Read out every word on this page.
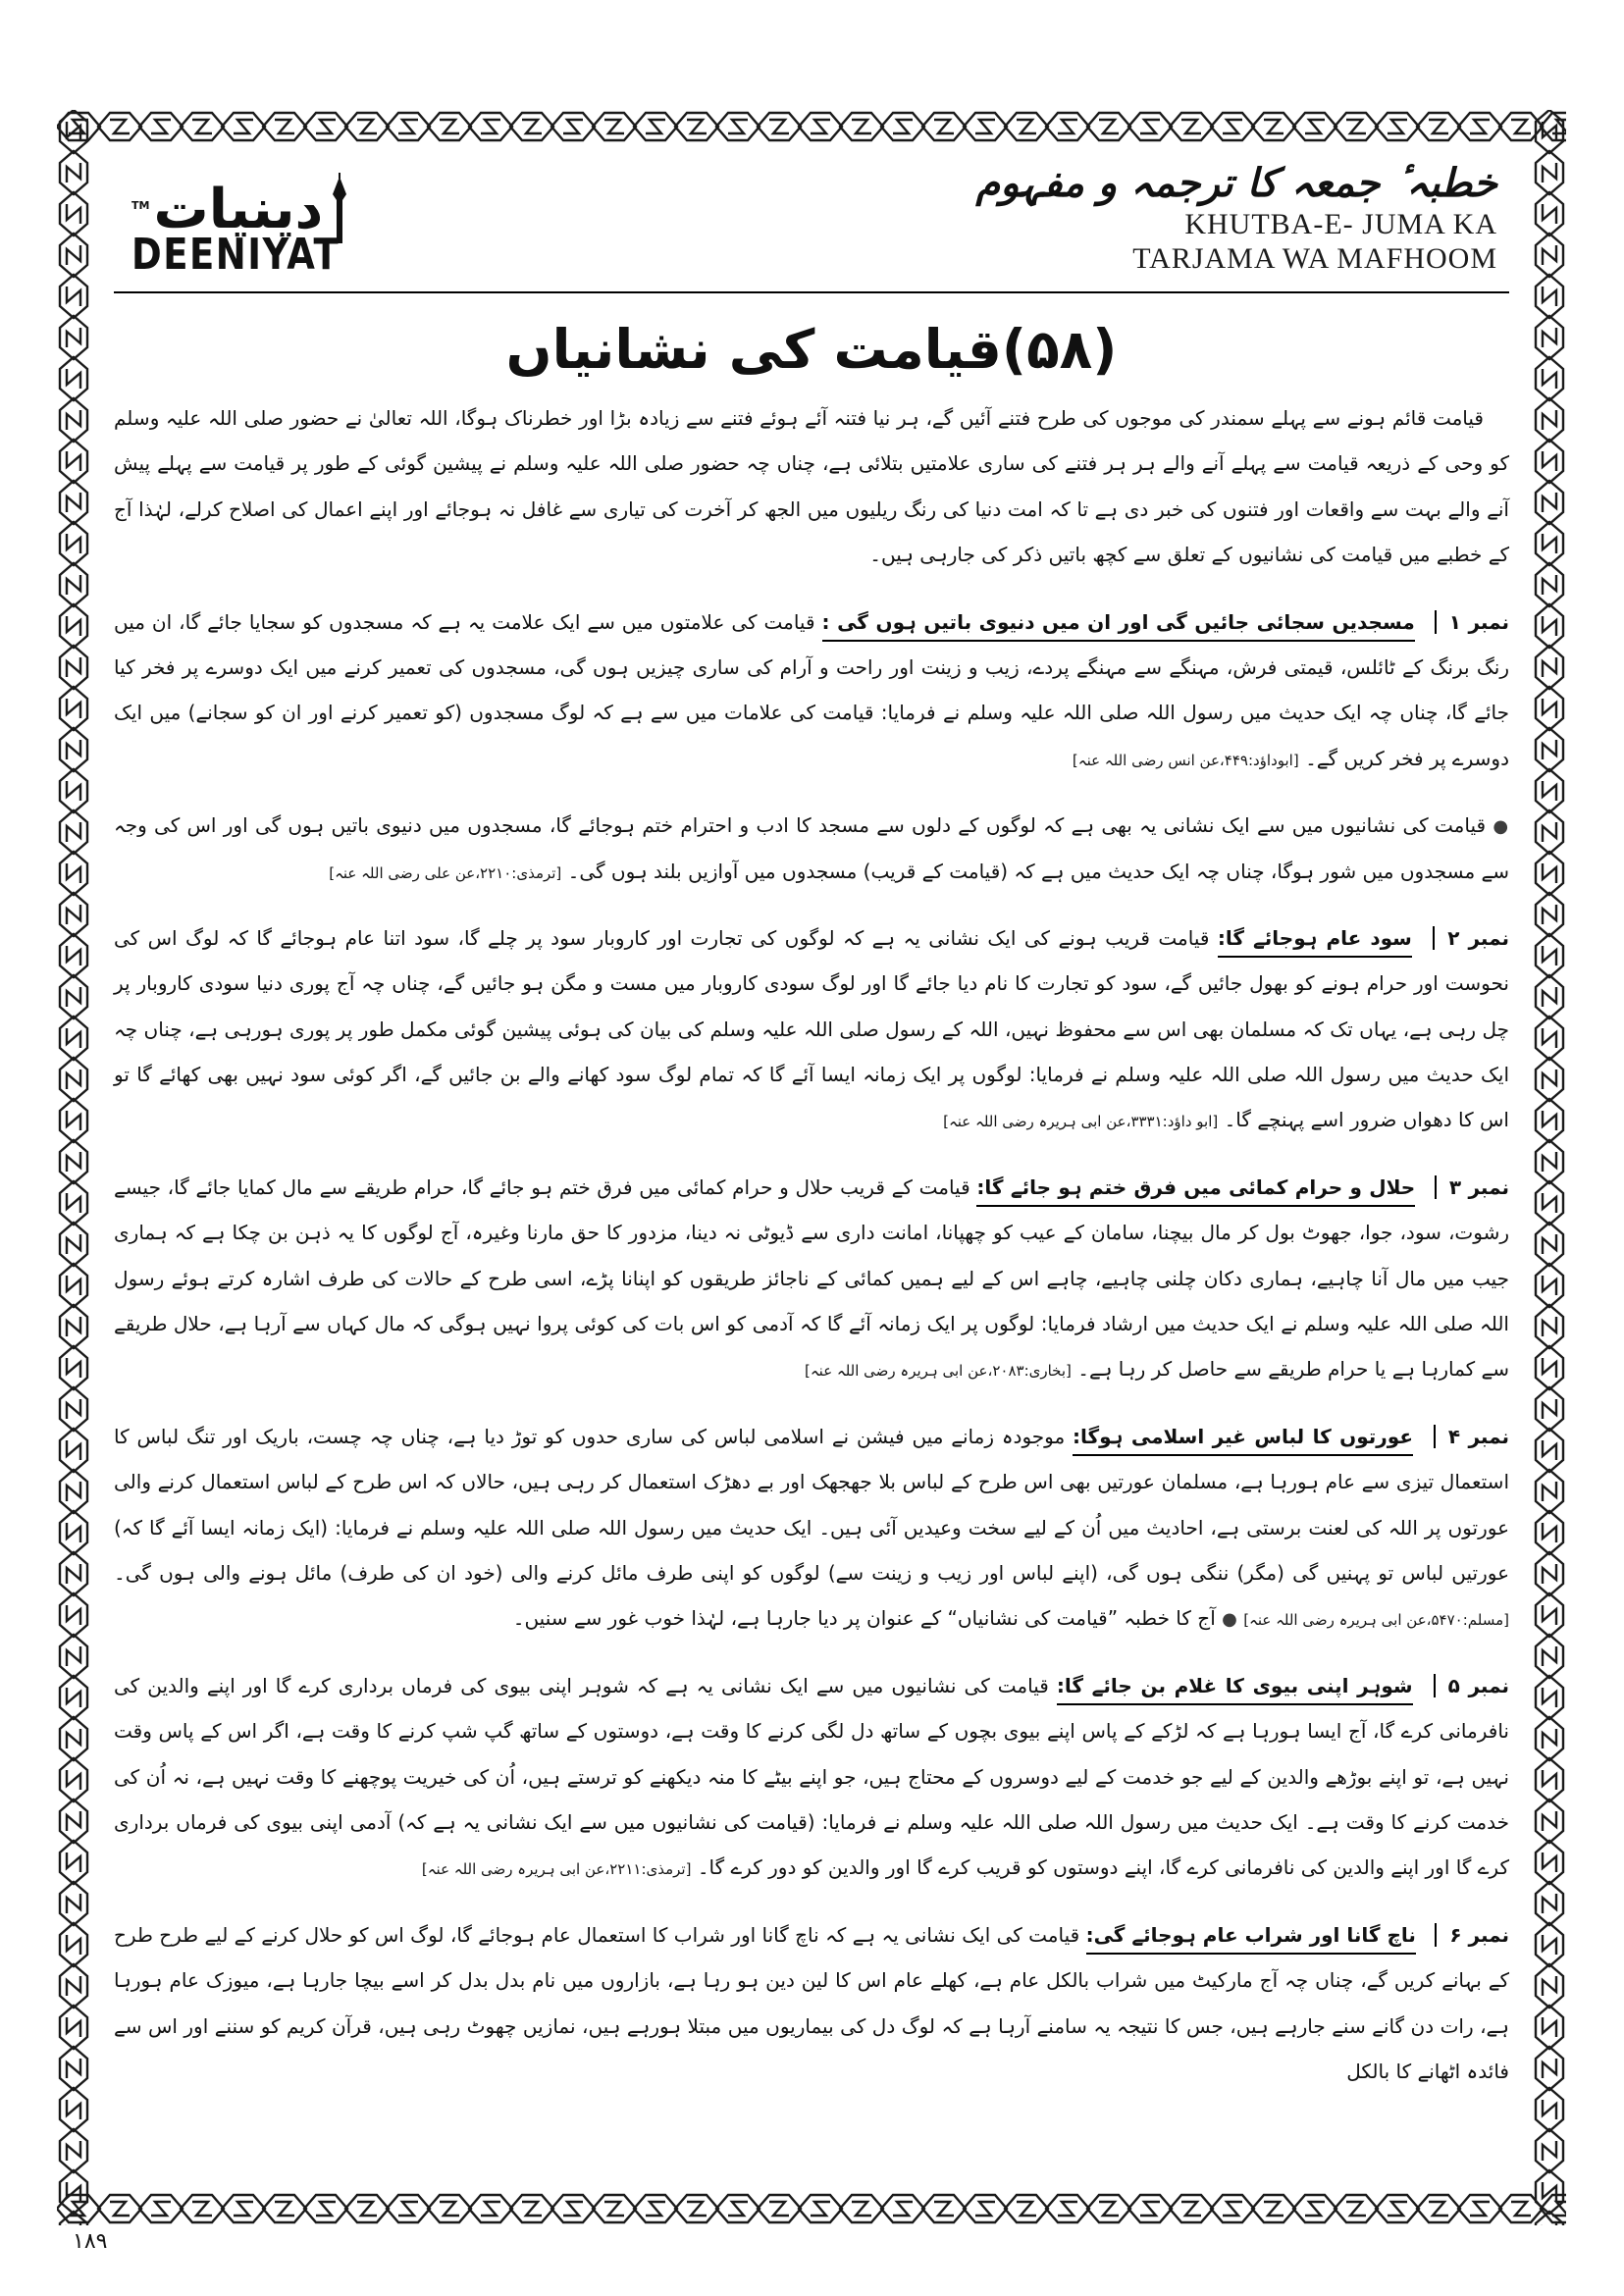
دینیات
TM
DEENIYAT
خطبہ ٔ جمعہ کا ترجمہ و مفہوم
KHUTBA-E- JUMA KA
TARJAMA WA MAFHOOM
(۵۸)قیامت کی نشانیاں

قیامت قائم ہونے سے پہلے سمندر کی موجوں کی طرح فتنے آئیں گے، ہر نیا فتنہ آئے ہوئے فتنے سے زیادہ بڑا اور خطرناک ہوگا، اللہ تعالیٰ نے حضور صلی اللہ علیہ وسلم کو وحی کے ذریعہ قیامت سے پہلے آنے والے ہر ہر فتنے کی ساری علامتیں بتلائی ہے، چناں چہ حضور صلی اللہ علیہ وسلم نے پیشین گوئی کے طور پر قیامت سے پہلے پیش آنے والے بہت سے واقعات اور فتنوں کی خبر دی ہے تا کہ امت دنیا کی رنگ ریلیوں میں الجھ کر آخرت کی تیاری سے غافل نہ ہوجائے اور اپنے اعمال کی اصلاح کرلے، لہٰذا آج کے خطبے میں قیامت کی نشانیوں کے تعلق سے کچھ باتیں ذکر کی جارہی ہیں۔

نمبر ۱ مسجدیں سجائی جائیں گی اور ان میں دنیوی باتیں ہوں گی : قیامت کی علامتوں میں سے ایک علامت یہ ہے کہ مسجدوں کو سجایا جائے گا، ان میں رنگ برنگ کے ٹائلس، قیمتی فرش، مہنگے سے مہنگے پردے، زیب و زینت اور راحت و آرام کی ساری چیزیں ہوں گی، مسجدوں کی تعمیر کرنے میں ایک دوسرے پر فخر کیا جائے گا، چناں چہ ایک حدیث میں رسول اللہ صلی اللہ علیہ وسلم نے فرمایا: قیامت کی علامات میں سے ہے کہ لوگ مسجدوں (کو تعمیر کرنے اور ان کو سجانے) میں ایک دوسرے پر فخر کریں گے۔ [ابوداؤد:۴۴۹،عن انس رضی اللہ عنہ]

● قیامت کی نشانیوں میں سے ایک نشانی یہ بھی ہے کہ لوگوں کے دلوں سے مسجد کا ادب و احترام ختم ہوجائے گا، مسجدوں میں دنیوی باتیں ہوں گی اور اس کی وجہ سے مسجدوں میں شور ہوگا، چناں چہ ایک حدیث میں ہے کہ (قیامت کے قریب) مسجدوں میں آوازیں بلند ہوں گی۔ [ترمذی:۲۲۱۰،عن علی رضی اللہ عنہ]

نمبر ۲ سود عام ہوجائے گا: قیامت قریب ہونے کی ایک نشانی یہ ہے کہ لوگوں کی تجارت اور کاروبار سود پر چلے گا، سود اتنا عام ہوجائے گا کہ لوگ اس کی نحوست اور حرام ہونے کو بھول جائیں گے، سود کو تجارت کا نام دیا جائے گا اور لوگ سودی کاروبار میں مست و مگن ہو جائیں گے، چناں چہ آج پوری دنیا سودی کاروبار پر چل رہی ہے، یہاں تک کہ مسلمان بھی اس سے محفوظ نہیں، اللہ کے رسول صلی اللہ علیہ وسلم کی بیان کی ہوئی پیشین گوئی مکمل طور پر پوری ہورہی ہے، چناں چہ ایک حدیث میں رسول اللہ صلی اللہ علیہ وسلم نے فرمایا: لوگوں پر ایک زمانہ ایسا آئے گا کہ تمام لوگ سود کھانے والے بن جائیں گے، اگر کوئی سود نہیں بھی کھائے گا تو اس کا دھواں ضرور اسے پہنچے گا۔ [ابو داؤد:۳۳۳۱،عن ابی ہریرہ رضی اللہ عنہ]

نمبر ۳ حلال و حرام کمائی میں فرق ختم ہو جائے گا: قیامت کے قریب حلال و حرام کمائی میں فرق ختم ہو جائے گا، حرام طریقے سے مال کمایا جائے گا، جیسے رشوت، سود، جوا، جھوٹ بول کر مال بیچنا، سامان کے عیب کو چھپانا، امانت داری سے ڈیوٹی نہ دینا، مزدور کا حق مارنا وغیرہ، آج لوگوں کا یہ ذہن بن چکا ہے کہ ہماری جیب میں مال آنا چاہیے، ہماری دکان چلنی چاہیے، چاہے اس کے لیے ہمیں کمائی کے ناجائز طریقوں کو اپنانا پڑے، اسی طرح کے حالات کی طرف اشارہ کرتے ہوئے رسول اللہ صلی اللہ علیہ وسلم نے ایک حدیث میں ارشاد فرمایا: لوگوں پر ایک زمانہ آئے گا کہ آدمی کو اس بات کی کوئی پروا نہیں ہوگی کہ مال کہاں سے آرہا ہے، حلال طریقے سے کمارہا ہے یا حرام طریقے سے حاصل کر رہا ہے۔ [بخاری:۲۰۸۳،عن ابی ہریرہ رضی اللہ عنہ]

نمبر ۴ عورتوں کا لباس غیر اسلامی ہوگا: موجودہ زمانے میں فیشن نے اسلامی لباس کی ساری حدوں کو توڑ دیا ہے، چناں چہ چست، باریک اور تنگ لباس کا استعمال تیزی سے عام ہورہا ہے، مسلمان عورتیں بھی اس طرح کے لباس بلا جھجھک اور بے دھڑک استعمال کر رہی ہیں، حالاں کہ اس طرح کے لباس استعمال کرنے والی عورتوں پر اللہ کی لعنت برستی ہے، احادیث میں اُن کے لیے سخت وعیدیں آئی ہیں۔ ایک حدیث میں رسول اللہ صلی اللہ علیہ وسلم نے فرمایا: (ایک زمانہ ایسا آئے گا کہ) عورتیں لباس تو پہنیں گی (مگر) ننگی ہوں گی، (اپنے لباس اور زیب و زینت سے) لوگوں کو اپنی طرف مائل کرنے والی (خود ان کی طرف) مائل ہونے والی ہوں گی۔ [مسلم:۵۴۷۰،عن ابی ہریرہ رضی اللہ عنہ] ● آج کا خطبہ ”قیامت کی نشانیاں“ کے عنوان پر دیا جارہا ہے، لہٰذا خوب غور سے سنیں۔

نمبر ۵ شوہر اپنی بیوی کا غلام بن جائے گا: قیامت کی نشانیوں میں سے ایک نشانی یہ ہے کہ شوہر اپنی بیوی کی فرماں برداری کرے گا اور اپنے والدین کی نافرمانی کرے گا، آج ایسا ہورہا ہے کہ لڑکے کے پاس اپنے بیوی بچوں کے ساتھ دل لگی کرنے کا وقت ہے، دوستوں کے ساتھ گپ شپ کرنے کا وقت ہے، اگر اس کے پاس وقت نہیں ہے، تو اپنے بوڑھے والدین کے لیے جو خدمت کے لیے دوسروں کے محتاج ہیں، جو اپنے بیٹے کا منہ دیکھنے کو ترستے ہیں، اُن کی خیریت پوچھنے کا وقت نہیں ہے، نہ اُن کی خدمت کرنے کا وقت ہے۔ ایک حدیث میں رسول اللہ صلی اللہ علیہ وسلم نے فرمایا: (قیامت کی نشانیوں میں سے ایک نشانی یہ ہے کہ) آدمی اپنی بیوی کی فرماں برداری کرے گا اور اپنے والدین کی نافرمانی کرے گا، اپنے دوستوں کو قریب کرے گا اور والدین کو دور کرے گا۔ [ترمذی:۲۲۱۱،عن ابی ہریرہ رضی اللہ عنہ]

نمبر ۶ ناچ گانا اور شراب عام ہوجائے گی: قیامت کی ایک نشانی یہ ہے کہ ناچ گانا اور شراب کا استعمال عام ہوجائے گا، لوگ اس کو حلال کرنے کے لیے طرح طرح کے بہانے کریں گے، چناں چہ آج مارکیٹ میں شراب بالکل عام ہے، کھلے عام اس کا لین دین ہو رہا ہے، بازاروں میں نام بدل بدل کر اسے بیچا جارہا ہے، میوزک عام ہورہا ہے، رات دن گانے سنے جارہے ہیں، جس کا نتیجہ یہ سامنے آرہا ہے کہ لوگ دل کی بیماریوں میں مبتلا ہورہے ہیں، نمازیں چھوٹ رہی ہیں، قرآن کریم کو سننے اور اس سے فائدہ اٹھانے کا بالکل

۱۸۹
